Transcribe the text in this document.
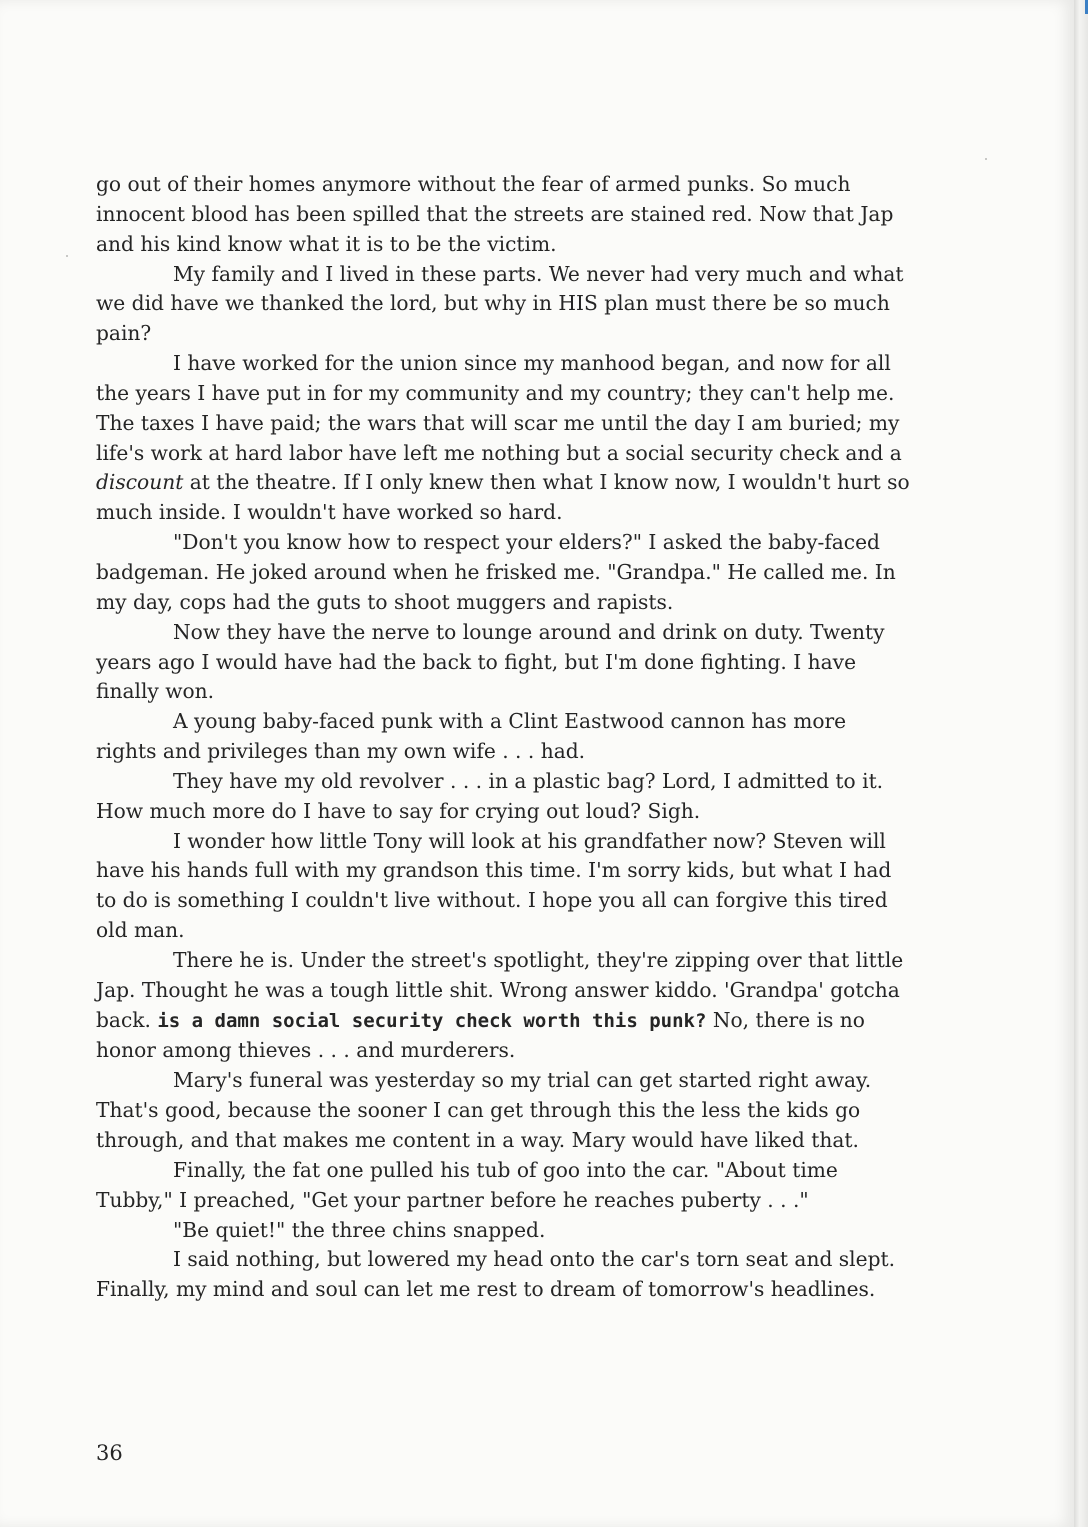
go out of their homes anymore without the fear of armed punks. So much innocent blood has been spilled that the streets are stained red. Now that Jap and his kind know what it is to be the victim.

My family and I lived in these parts. We never had very much and what we did have we thanked the lord, but why in HIS plan must there be so much pain?

I have worked for the union since my manhood began, and now for all the years I have put in for my community and my country; they can't help me. The taxes I have paid; the wars that will scar me until the day I am buried; my life's work at hard labor have left me nothing but a social security check and a discount at the theatre. If I only knew then what I know now, I wouldn't hurt so much inside. I wouldn't have worked so hard.

"Don't you know how to respect your elders?" I asked the baby-faced badgeman. He joked around when he frisked me. "Grandpa." He called me. In my day, cops had the guts to shoot muggers and rapists.

Now they have the nerve to lounge around and drink on duty. Twenty years ago I would have had the back to fight, but I'm done fighting. I have finally won.

A young baby-faced punk with a Clint Eastwood cannon has more rights and privileges than my own wife . . . had.

They have my old revolver . . . in a plastic bag? Lord, I admitted to it. How much more do I have to say for crying out loud? Sigh.

I wonder how little Tony will look at his grandfather now? Steven will have his hands full with my grandson this time. I'm sorry kids, but what I had to do is something I couldn't live without. I hope you all can forgive this tired old man.

There he is. Under the street's spotlight, they're zipping over that little Jap. Thought he was a tough little shit. Wrong answer kiddo. 'Grandpa' gotcha back. is a damn social security check worth this punk? No, there is no honor among thieves . . . and murderers.

Mary's funeral was yesterday so my trial can get started right away. That's good, because the sooner I can get through this the less the kids go through, and that makes me content in a way. Mary would have liked that.

Finally, the fat one pulled his tub of goo into the car. "About time Tubby," I preached, "Get your partner before he reaches puberty . . ."

"Be quiet!" the three chins snapped.

I said nothing, but lowered my head onto the car's torn seat and slept. Finally, my mind and soul can let me rest to dream of tomorrow's headlines.

36
